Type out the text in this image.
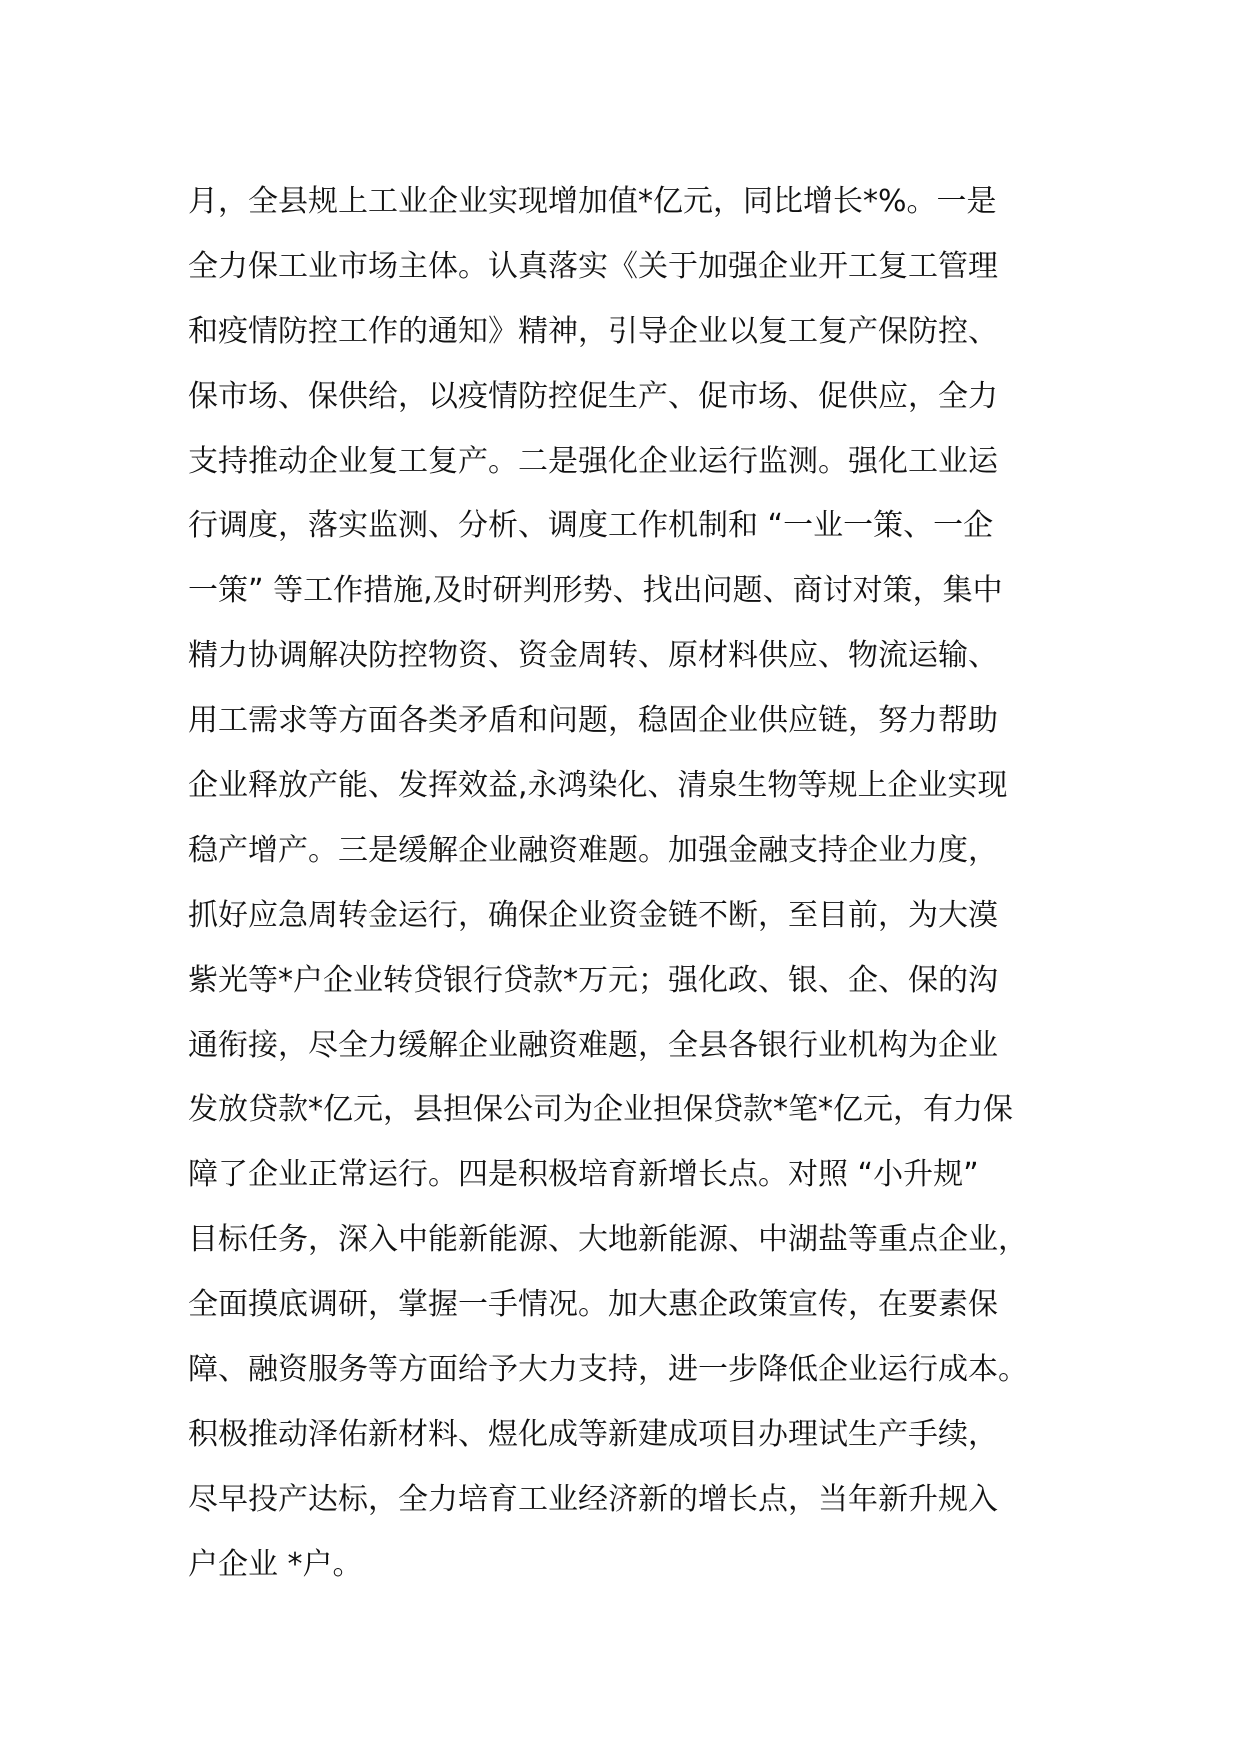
月，全县规上工业企业实现增加值*亿元，同比增长*%。一是
全力保工业市场主体。认真落实《关于加强企业开工复工管理
和疫情防控工作的通知》精神，引导企业以复工复产保防控、
保市场、保供给，以疫情防控促生产、促市场、促供应，全力
支持推动企业复工复产。二是强化企业运行监测。强化工业运
行调度，落实监测、分析、调度工作机制和 “一业一策、一企
一策” 等工作措施,及时研判形势、找出问题、商讨对策，集中
精力协调解决防控物资、资金周转、原材料供应、物流运输、
用工需求等方面各类矛盾和问题，稳固企业供应链，努力帮助
企业释放产能、发挥效益,永鸿染化、清泉生物等规上企业实现
稳产增产。三是缓解企业融资难题。加强金融支持企业力度，
抓好应急周转金运行，确保企业资金链不断，至目前，为大漠
紫光等*户企业转贷银行贷款*万元；强化政、银、企、保的沟
通衔接，尽全力缓解企业融资难题，全县各银行业机构为企业
发放贷款*亿元，县担保公司为企业担保贷款*笔*亿元，有力保
障了企业正常运行。四是积极培育新增长点。对照 “小升规”
目标任务，深入中能新能源、大地新能源、中湖盐等重点企业，
全面摸底调研，掌握一手情况。加大惠企政策宣传，在要素保
障、融资服务等方面给予大力支持，进一步降低企业运行成本。
积极推动泽佑新材料、煜化成等新建成项目办理试生产手续，
尽早投产达标，全力培育工业经济新的增长点，当年新升规入
户企业 *户。
